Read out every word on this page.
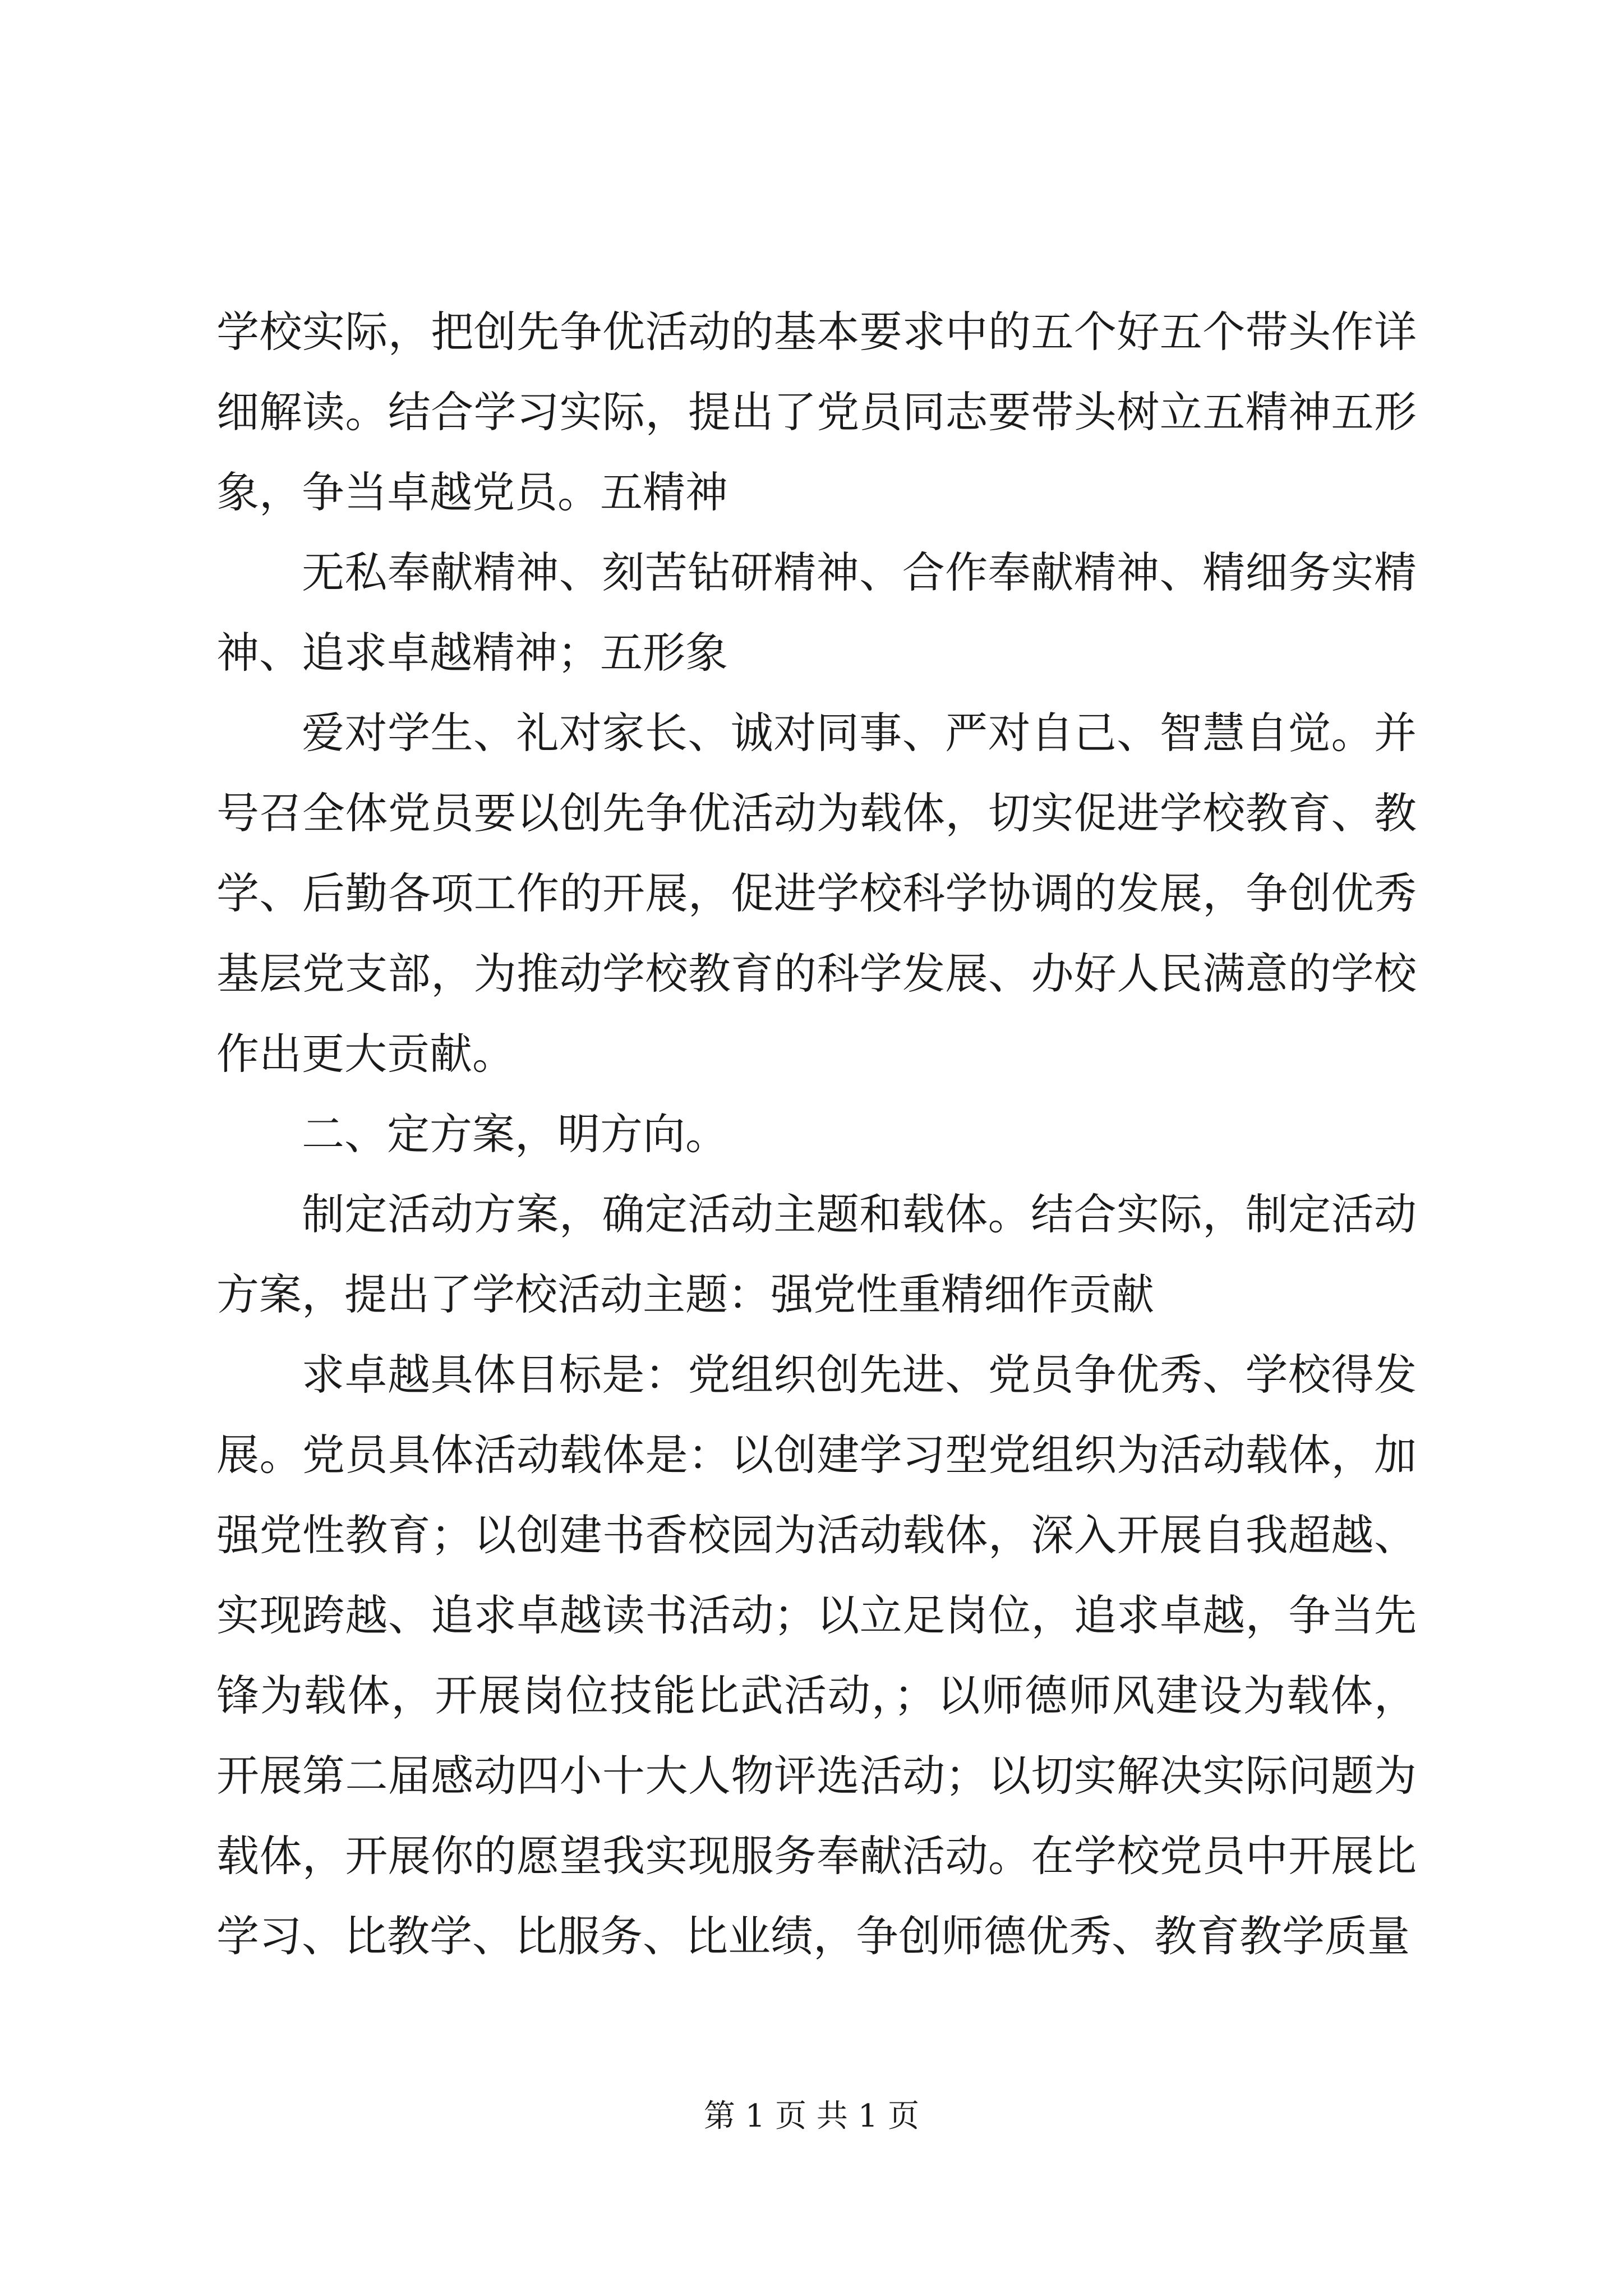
学校实际，把创先争优活动的基本要求中的五个好五个带头作详细解读。结合学习实际，提出了党员同志要带头树立五精神五形象，争当卓越党员。五精神

无私奉献精神、刻苦钻研精神、合作奉献精神、精细务实精神、追求卓越精神；五形象

爱对学生、礼对家长、诚对同事、严对自己、智慧自觉。并号召全体党员要以创先争优活动为载体，切实促进学校教育、教学、后勤各项工作的开展，促进学校科学协调的发展，争创优秀基层党支部，为推动学校教育的科学发展、办好人民满意的学校作出更大贡献。

二、定方案，明方向。

制定活动方案，确定活动主题和载体。结合实际，制定活动方案，提出了学校活动主题：强党性重精细作贡献

求卓越具体目标是：党组织创先进、党员争优秀、学校得发展。党员具体活动载体是：以创建学习型党组织为活动载体，加强党性教育；以创建书香校园为活动载体，深入开展自我超越、实现跨越、追求卓越读书活动；以立足岗位，追求卓越，争当先锋为载体，开展岗位技能比武活动，；以师德师风建设为载体，开展第二届感动四小十大人物评选活动；以切实解决实际问题为载体，开展你的愿望我实现服务奉献活动。在学校党员中开展比学习、比教学、比服务、比业绩，争创师德优秀、教育教学质量

第 1 页 共 1 页
